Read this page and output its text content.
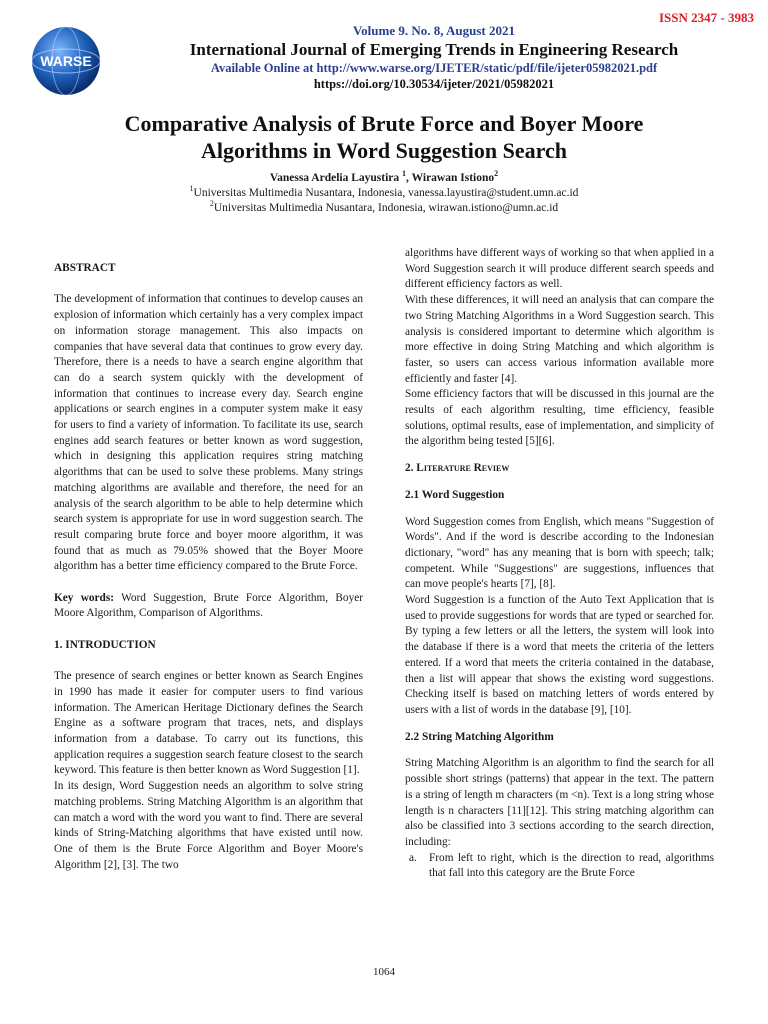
ISSN 2347 - 3983
WARSE
Volume 9. No. 8, August 2021
International Journal of Emerging Trends in Engineering Research
Available Online at http://www.warse.org/IJETER/static/pdf/file/ijeter05982021.pdf
https://doi.org/10.30534/ijeter/2021/05982021
Comparative Analysis of Brute Force and Boyer Moore
Algorithms in Word Suggestion Search
Vanessa Ardelia Layustira $^1$, Wirawan Istiono$^2$
$^1$Universitas Multimedia Nusantara, Indonesia, vanessa.layustira@student.umn.ac.id
$^2$Universitas Multimedia Nusantara, Indonesia, wirawan.istiono@umn.ac.id

ABSTRACT

The development of information that continues to develop causes an explosion of information which certainly has a very complex impact on information storage management. This also impacts on companies that have several data that continues to grow every day. Therefore, there is a needs to have a search engine algorithm that can do a search system quickly with the development of information that continues to increase every day. Search engine applications or search engines in a computer system make it easy for users to find a variety of information. To facilitate its use, search engines add search features or better known as word suggestion, which in designing this application requires string matching algorithms that can be used to solve these problems. Many strings matching algorithms are available and therefore, the need for an analysis of the search algorithm to be able to help determine which search system is appropriate for use in word suggestion search. The result comparing brute force and boyer moore algorithm, it was found that as much as 79.05% showed that the Boyer Moore algorithm has a better time efficiency compared to the Brute Force.

Key words: Word Suggestion, Brute Force Algorithm, Boyer Moore Algorithm, Comparison of Algorithms.

1. INTRODUCTION

The presence of search engines or better known as Search Engines in 1990 has made it easier for computer users to find various information. The American Heritage Dictionary defines the Search Engine as a software program that traces, nets, and displays information from a database. To carry out its functions, this application requires a suggestion search feature closest to the search keyword. This feature is then better known as Word Suggestion [1].

In its design, Word Suggestion needs an algorithm to solve string matching problems. String Matching Algorithm is an algorithm that can match a word with the word you want to find. There are several kinds of String-Matching algorithms that have existed until now. One of them is the Brute Force Algorithm and Boyer Moore's Algorithm [2], [3]. The two

algorithms have different ways of working so that when applied in a Word Suggestion search it will produce different search speeds and different efficiency factors as well.

With these differences, it will need an analysis that can compare the two String Matching Algorithms in a Word Suggestion search. This analysis is considered important to determine which algorithm is more effective in doing String Matching and which algorithm is faster, so users can access various information available more efficiently and faster [4].

Some efficiency factors that will be discussed in this journal are the results of each algorithm resulting, time efficiency, feasible solutions, optimal results, ease of implementation, and simplicity of the algorithm being tested [5][6].

2. Literature Review

2.1 Word Suggestion

Word Suggestion comes from English, which means "Suggestion of Words". And if the word is describe according to the Indonesian dictionary, "word" has any meaning that is born with speech; talk; competent. While "Suggestions" are suggestions, influences that can move people's hearts [7], [8].

Word Suggestion is a function of the Auto Text Application that is used to provide suggestions for words that are typed or searched for. By typing a few letters or all the letters, the system will look into the database if there is a word that meets the criteria of the letters entered. If a word that meets the criteria contained in the database, then a list will appear that shows the existing word suggestions. Checking itself is based on matching letters of words entered by users with a list of words in the database [9], [10].

2.2 String Matching Algorithm

String Matching Algorithm is an algorithm to find the search for all possible short strings (patterns) that appear in the text. The pattern is a string of length m characters (m <n). Text is a long string whose length is n characters [11][12]. This string matching algorithm can also be classified into 3 sections according to the search direction, including:

a.	From left to right, which is the direction to read, algorithms that fall into this category are the Brute Force
1064
